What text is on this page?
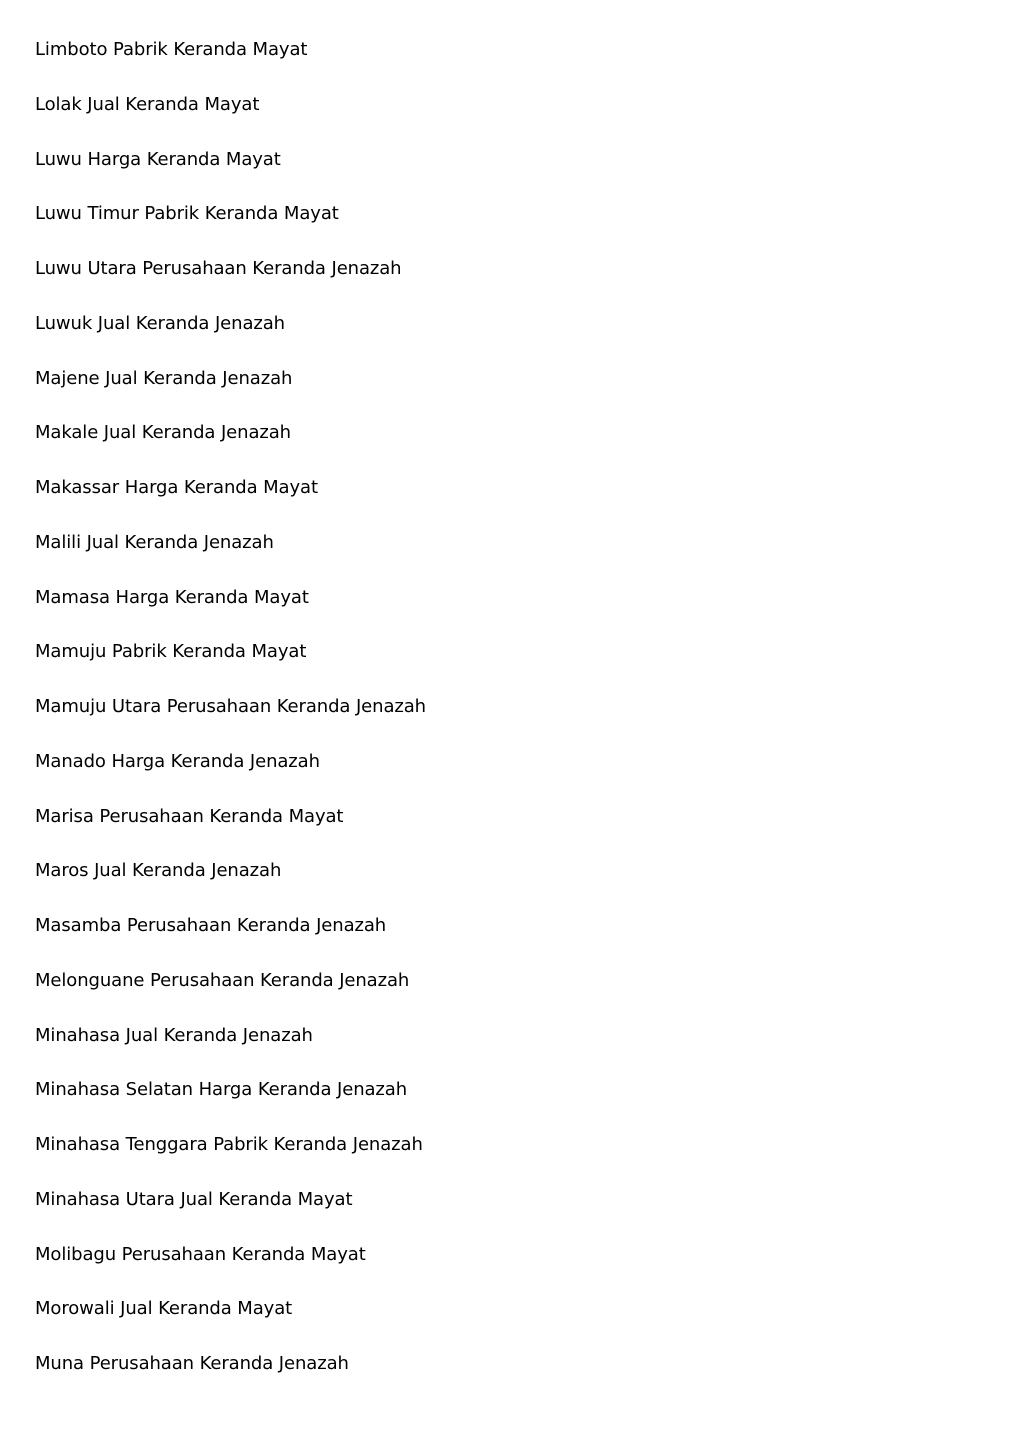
Limboto Pabrik Keranda Mayat
Lolak Jual Keranda Mayat
Luwu Harga Keranda Mayat
Luwu Timur Pabrik Keranda Mayat
Luwu Utara Perusahaan Keranda Jenazah
Luwuk Jual Keranda Jenazah
Majene Jual Keranda Jenazah
Makale Jual Keranda Jenazah
Makassar Harga Keranda Mayat
Malili Jual Keranda Jenazah
Mamasa Harga Keranda Mayat
Mamuju Pabrik Keranda Mayat
Mamuju Utara Perusahaan Keranda Jenazah
Manado Harga Keranda Jenazah
Marisa Perusahaan Keranda Mayat
Maros Jual Keranda Jenazah
Masamba Perusahaan Keranda Jenazah
Melonguane Perusahaan Keranda Jenazah
Minahasa Jual Keranda Jenazah
Minahasa Selatan Harga Keranda Jenazah
Minahasa Tenggara Pabrik Keranda Jenazah
Minahasa Utara Jual Keranda Mayat
Molibagu Perusahaan Keranda Mayat
Morowali Jual Keranda Mayat
Muna Perusahaan Keranda Jenazah
